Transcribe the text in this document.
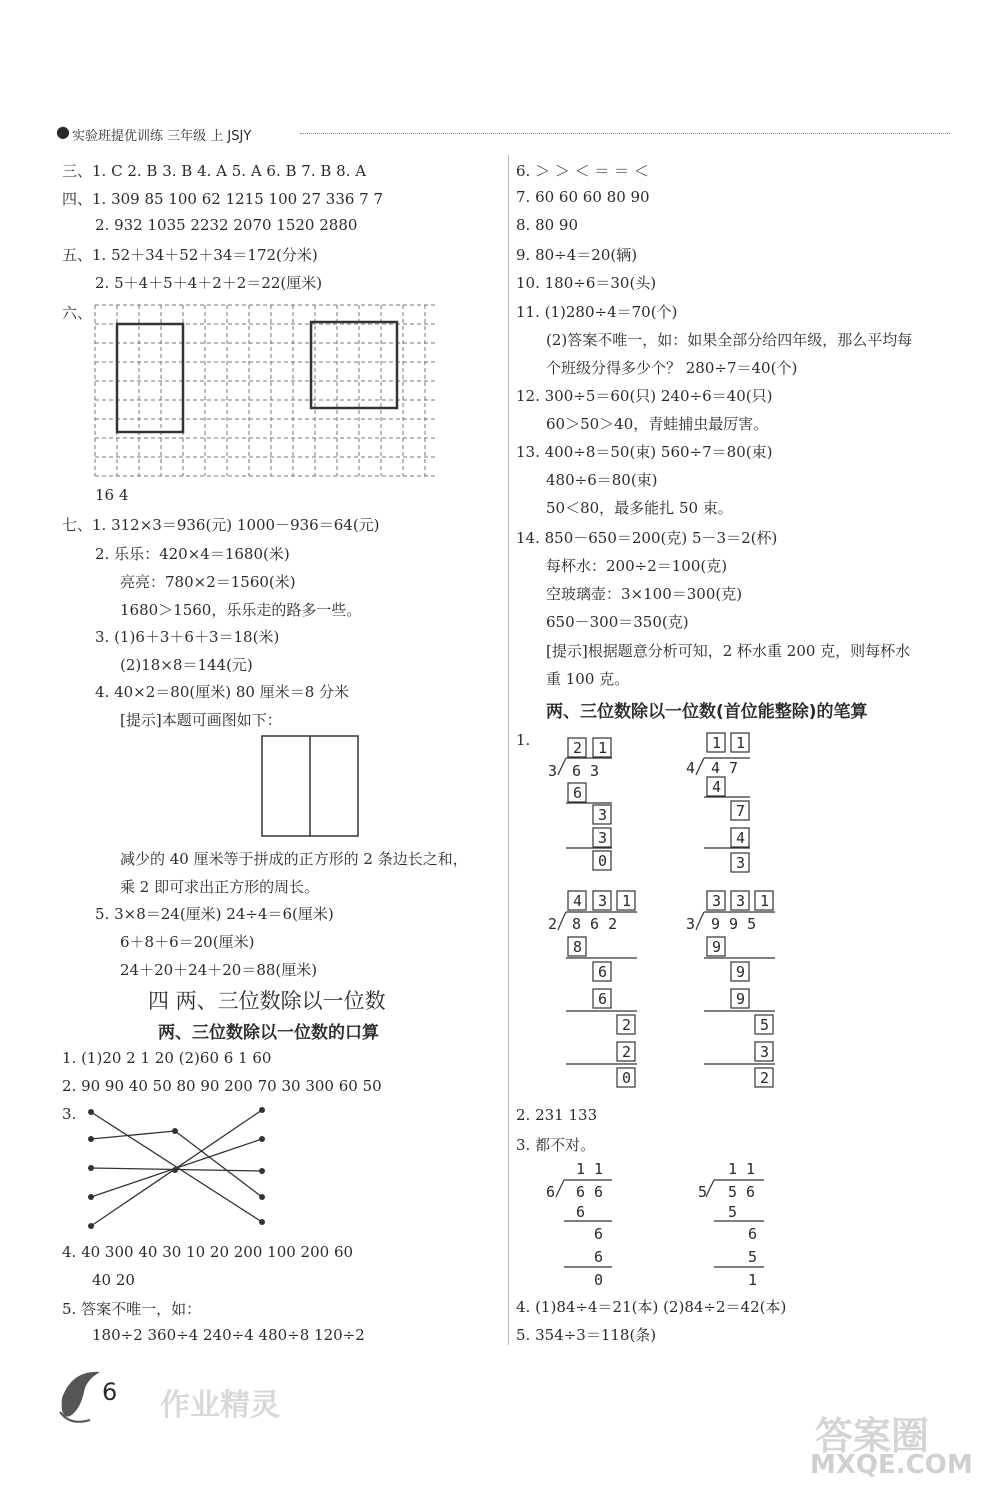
● 实验班提优训练 三年级 上 JSJY
三、1. C 2. B 3. B 4. A 5. A 6. B 7. B 8. A
四、1. 309 85 100 62 1215 100 27 336 7 7
2. 932 1035 2232 2070 1520 2880
五、1. 52＋34＋52＋34＝172(分米)
2. 5＋4＋5＋4＋2＋2＝22(厘米)
六、
16 4
七、1. 312×3＝936(元) 1000－936＝64(元)
2. 乐乐：420×4＝1680(米)
亮亮：780×2＝1560(米)
1680＞1560，乐乐走的路多一些。
3. (1)6＋3＋6＋3＝18(米)
(2)18×8＝144(元)
4. 40×2＝80(厘米) 80 厘米＝8 分米
[提示]本题可画图如下：
减少的 40 厘米等于拼成的正方形的 2 条边长之和，
乘 2 即可求出正方形的周长。
5. 3×8＝24(厘米) 24÷4＝6(厘米)
6＋8＋6＝20(厘米)
24＋20＋24＋20＝88(厘米)
四 两、三位数除以一位数
两、三位数除以一位数的口算
1. (1)20 2 1 20 (2)60 6 1 60
2. 90 90 40 50 80 90 200 70 30 300 60 50
3.
4. 40 300 40 30 10 20 200 100 200 60
40 20
5. 答案不唯一，如：
180÷2 360÷4 240÷4 480÷8 120÷2
6. ＞ ＞ ＜ ＝ ＝ ＜
7. 60 60 60 80 90
8. 80 90
9. 80÷4＝20(辆)
10. 180÷6＝30(头)
11. (1)280÷4＝70(个)
(2)答案不唯一，如：如果全部分给四年级，那么平均每
个班级分得多少个？ 280÷7＝40(个)
12. 300÷5＝60(只) 240÷6＝40(只)
60＞50＞40，青蛙捕虫最厉害。
13. 400÷8＝50(束) 560÷7＝80(束)
480÷6＝80(束)
50＜80，最多能扎 50 束。
14. 850－650＝200(克) 5－3＝2(杯)
每杯水：200÷2＝100(克)
空玻璃壶：3×100＝300(克)
650－300＝350(克)
[提示]根据题意分析可知，2 杯水重 200 克，则每杯水
重 100 克。
两、三位数除以一位数(首位能整除)的笔算
1.	2 1
3 6 3
6
3
3
0
1 1
4 4 7
4
7
4
3
4 3 1
2 8 6 2
8
6
6
2
2
0
3 3 1
3 9 9 5
9
9
9
5
3
2
2. 231 133
3. 都不对。
1 1
6 6 6
6
6
6
0
1 1
5 5 6
5
6
5
1
4. (1)84÷4＝21(本) (2)84÷2＝42(本)
5. 354÷3＝118(条)
6 作业精灵
答案圈
MXQE.COM
